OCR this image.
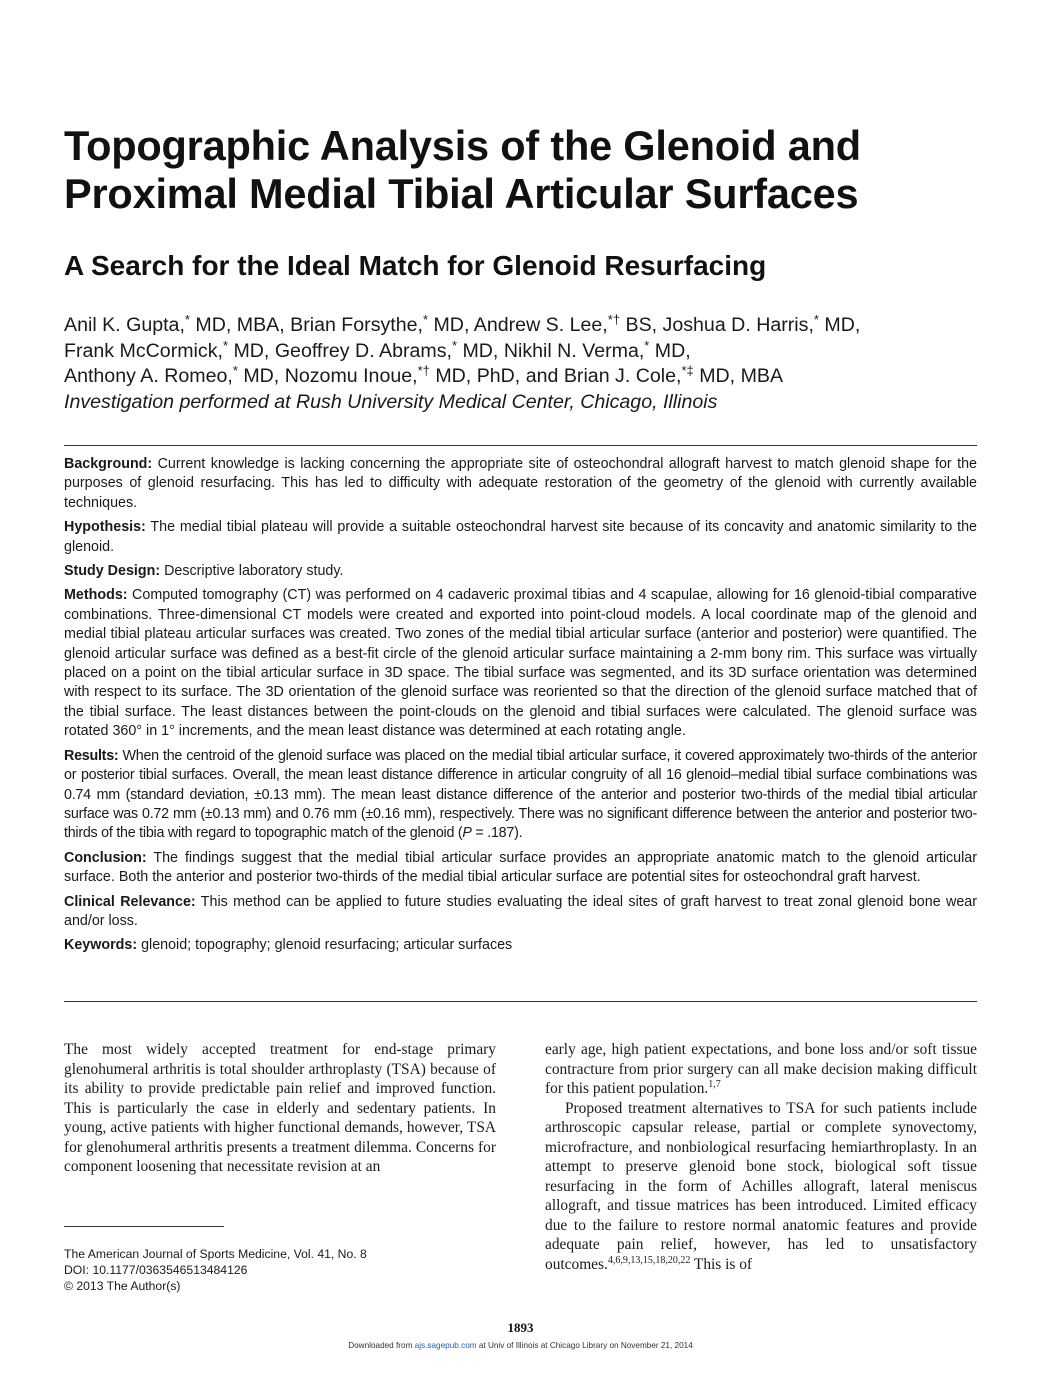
Topographic Analysis of the Glenoid and Proximal Medial Tibial Articular Surfaces
A Search for the Ideal Match for Glenoid Resurfacing
Anil K. Gupta,* MD, MBA, Brian Forsythe,* MD, Andrew S. Lee,*† BS, Joshua D. Harris,* MD,
Frank McCormick,* MD, Geoffrey D. Abrams,* MD, Nikhil N. Verma,* MD,
Anthony A. Romeo,* MD, Nozomu Inoue,*† MD, PhD, and Brian J. Cole,*‡ MD, MBA
Investigation performed at Rush University Medical Center, Chicago, Illinois

Background: Current knowledge is lacking concerning the appropriate site of osteochondral allograft harvest to match glenoid shape for the purposes of glenoid resurfacing. This has led to difficulty with adequate restoration of the geometry of the glenoid with currently available techniques.

Hypothesis: The medial tibial plateau will provide a suitable osteochondral harvest site because of its concavity and anatomic similarity to the glenoid.

Study Design: Descriptive laboratory study.

Methods: Computed tomography (CT) was performed on 4 cadaveric proximal tibias and 4 scapulae, allowing for 16 glenoid-tibial comparative combinations. Three-dimensional CT models were created and exported into point-cloud models. A local coordinate map of the glenoid and medial tibial plateau articular surfaces was created. Two zones of the medial tibial articular surface (anterior and posterior) were quantified. The glenoid articular surface was defined as a best-fit circle of the glenoid articular surface maintaining a 2-mm bony rim. This surface was virtually placed on a point on the tibial articular surface in 3D space. The tibial surface was segmented, and its 3D surface orientation was determined with respect to its surface. The 3D orientation of the glenoid surface was reoriented so that the direction of the glenoid surface matched that of the tibial surface. The least distances between the point-clouds on the glenoid and tibial surfaces were calculated. The glenoid surface was rotated 360° in 1° increments, and the mean least distance was determined at each rotating angle.

Results: When the centroid of the glenoid surface was placed on the medial tibial articular surface, it covered approximately two-thirds of the anterior or posterior tibial surfaces. Overall, the mean least distance difference in articular congruity of all 16 glenoid–medial tibial surface combinations was 0.74 mm (standard deviation, ±0.13 mm). The mean least distance difference of the anterior and posterior two-thirds of the medial tibial articular surface was 0.72 mm (±0.13 mm) and 0.76 mm (±0.16 mm), respectively. There was no significant difference between the anterior and posterior two-thirds of the tibia with regard to topographic match of the glenoid (P = .187).

Conclusion: The findings suggest that the medial tibial articular surface provides an appropriate anatomic match to the glenoid articular surface. Both the anterior and posterior two-thirds of the medial tibial articular surface are potential sites for osteochondral graft harvest.

Clinical Relevance: This method can be applied to future studies evaluating the ideal sites of graft harvest to treat zonal glenoid bone wear and/or loss.

Keywords: glenoid; topography; glenoid resurfacing; articular surfaces

The most widely accepted treatment for end-stage primary glenohumeral arthritis is total shoulder arthroplasty (TSA) because of its ability to provide predictable pain relief and improved function. This is particularly the case in elderly and sedentary patients. In young, active patients with higher functional demands, however, TSA for glenohumeral arthritis presents a treatment dilemma. Concerns for component loosening that necessitate revision at an

early age, high patient expectations, and bone loss and/or soft tissue contracture from prior surgery can all make decision making difficult for this patient population.$^{1,7}$

Proposed treatment alternatives to TSA for such patients include arthroscopic capsular release, partial or complete synovectomy, microfracture, and nonbiological resurfacing hemiarthroplasty. In an attempt to preserve glenoid bone stock, biological soft tissue resurfacing in the form of Achilles allograft, lateral meniscus allograft, and tissue matrices has been introduced. Limited efficacy due to the failure to restore normal anatomic features and provide adequate pain relief, however, has led to unsatisfactory outcomes.$^{4,6,9,13,15,18,20,22}$ This is of

The American Journal of Sports Medicine, Vol. 41, No. 8
DOI: 10.1177/0363546513484126
© 2013 The Author(s)
1893
Downloaded from ajs.sagepub.com at Univ of Illinois at Chicago Library on November 21, 2014
